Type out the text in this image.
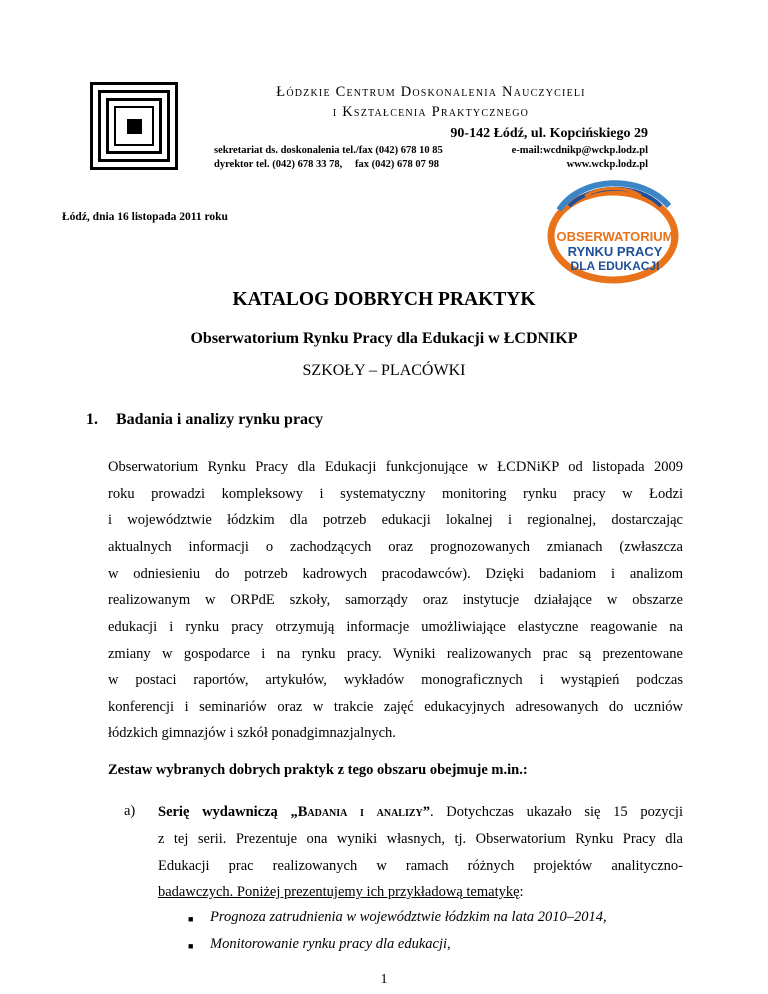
Łódzkie Centrum Doskonalenia Nauczycieli
i Kształcenia Praktycznego
90-142 Łódź, ul. Kopcińskiego 29
sekretariat ds. doskonalenia tel./fax (042) 678 10 85	e-mail:wcdnikp@wckp.lodz.pl
dyrektor tel. (042) 678 33 78, fax (042) 678 07 98	www.wckp.lodz.pl
Łódź, dnia 16 listopada 2011 roku
OBSERWATORIUM
RYNKU PRACY
DLA EDUKACJI
KATALOG DOBRYCH PRAKTYK
Obserwatorium Rynku Pracy dla Edukacji w ŁCDNIKP
SZKOŁY – PLACÓWKI
1. Badania i analizy rynku pracy
Obserwatorium Rynku Pracy dla Edukacji funkcjonujące w ŁCDNiKP od listopada 2009
roku prowadzi kompleksowy i systematyczny monitoring rynku pracy w Łodzi
i województwie łódzkim dla potrzeb edukacji lokalnej i regionalnej, dostarczając
aktualnych informacji o zachodzących oraz prognozowanych zmianach (zwłaszcza
w odniesieniu do potrzeb kadrowych pracodawców). Dzięki badaniom i analizom
realizowanym w ORPdE szkoły, samorządy oraz instytucje działające w obszarze
edukacji i rynku pracy otrzymują informacje umożliwiające elastyczne reagowanie na
zmiany w gospodarce i na rynku pracy. Wyniki realizowanych prac są prezentowane
w postaci raportów, artykułów, wykładów monograficznych i wystąpień podczas
konferencji i seminariów oraz w trakcie zajęć edukacyjnych adresowanych do uczniów
łódzkich gimnazjów i szkół ponadgimnazjalnych.
Zestaw wybranych dobrych praktyk z tego obszaru obejmuje m.in.:
a) Serię wydawniczą „Badania i analizy”. Dotychczas ukazało się 15 pozycji
z tej serii. Prezentuje ona wyniki własnych, tj. Obserwatorium Rynku Pracy dla
Edukacji prac realizowanych w ramach różnych projektów analityczno-
badawczych. Poniżej prezentujemy ich przykładową tematykę:
■ Prognoza zatrudnienia w województwie łódzkim na lata 2010–2014,
■ Monitorowanie rynku pracy dla edukacji,
1
